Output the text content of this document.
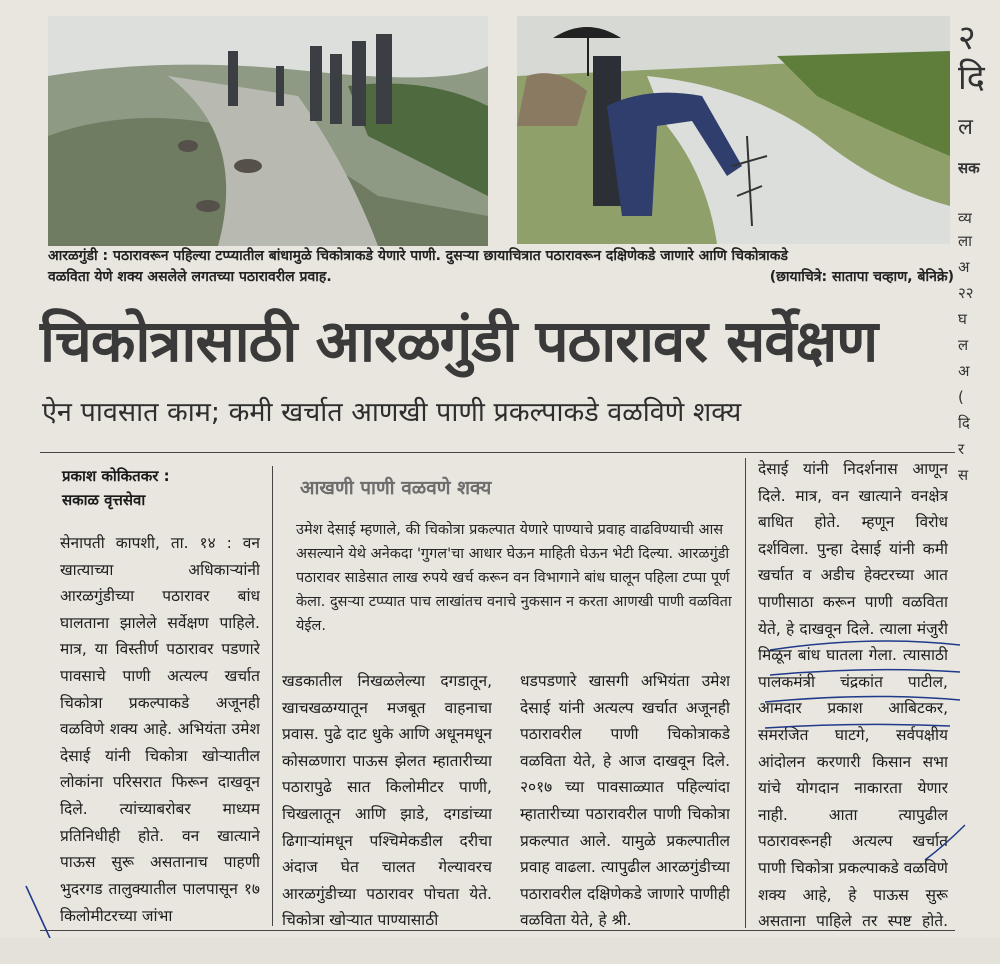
आरळगुंडी : पठारावरून पहिल्या टप्प्यातील बांधामुळे चिकोत्राकडे येणारे पाणी. दुसऱ्या छायाचित्रात पठारावरून दक्षिणेकडे जाणारे आणि चिकोत्राकडे
वळविता येणे शक्य असलेले लगतच्या पठारावरील प्रवाह.	(छायाचित्रे: सातापा चव्हाण, बेनिक्रे)
चिकोत्रासाठी आरळगुंडी पठारावर सर्वेक्षण
ऐन पावसात काम; कमी खर्चात आणखी पाणी प्रकल्पाकडे वळविणे शक्य
प्रकाश कोकितकर :
सकाळ वृत्तसेवा
सेनापती कापशी, ता. १४ : वन खात्याच्या अधिकाऱ्यांनी आरळगुंडीच्या पठारावर बांध घालताना झालेले सर्वेक्षण पाहिले. मात्र, या विस्तीर्ण पठारावर पडणारे पावसाचे पाणी अत्यल्प खर्चात चिकोत्रा प्रकल्पाकडे अजूनही वळविणे शक्य आहे. अभियंता उमेश देसाई यांनी चिकोत्रा खोऱ्यातील लोकांना परिसरात फिरून दाखवून दिले. त्यांच्याबरोबर माध्यम प्रतिनिधीही होते. वन खात्याने पाऊस सुरू असतानाच पाहणी
भुदरगड तालुक्यातील पालपासून १७ किलोमीटरच्या जांभा
आखणी पाणी वळवणे शक्य
उमेश देसाई म्हणाले, की चिकोत्रा प्रकल्पात येणारे पाण्याचे प्रवाह वाढविण्याची आस असल्याने येथे अनेकदा 'गुगल'चा आधार घेऊन माहिती घेऊन भेटी दिल्या. आरळगुंडी पठारावर साडेसात लाख रुपये खर्च करून वन विभागाने बांध घालून पहिला टप्पा पूर्ण केला. दुसऱ्या टप्प्यात पाच लाखांतच वनाचे नुकसान न करता आणखी पाणी वळविता येईल.
खडकातील निखळलेल्या दगडातून, खाचखळग्यातून मजबूत वाहनाचा प्रवास. पुढे दाट धुके आणि अधूनमधून कोसळणारा पाऊस झेलत म्हातारीच्या पठारापुढे सात किलोमीटर पाणी, चिखलातून आणि झाडे, दगडांच्या ढिगाऱ्यांमधून पश्चिमेकडील दरीचा अंदाज घेत चालत गेल्यावरच आरळगुंडीच्या पठारावर पोचता येते. चिकोत्रा खोऱ्यात पाण्यासाठी
धडपडणारे खासगी अभियंता उमेश देसाई यांनी अत्यल्प खर्चात अजूनही पठारावरील पाणी चिकोत्राकडे वळविता येते, हे आज दाखवून दिले. २०१७ च्या पावसाळ्यात पहिल्यांदा म्हातारीच्या पठारावरील पाणी चिकोत्रा प्रकल्पात आले. यामुळे प्रकल्पातील प्रवाह वाढला. त्यापुढील आरळगुंडीच्या पठारावरील दक्षिणेकडे जाणारे पाणीही वळविता येते, हे श्री.
देसाई यांनी निदर्शनास आणून दिले. मात्र, वन खात्याने वनक्षेत्र बाधित होते. म्हणून विरोध दर्शविला. पुन्हा देसाई यांनी कमी खर्चात व अडीच हेक्टरच्या आत पाणीसाठा करून पाणी वळविता येते, हे दाखवून दिले. त्याला मंजुरी मिळून बांध घातला गेला. त्यासाठी पालकमंत्री चंद्रकांत पाटील, आमदार प्रकाश आबिटकर, समरजित घाटगे, सर्वपक्षीय आंदोलन करणारी किसान सभा यांचे योगदान नाकारता येणार नाही. आता त्यापुढील पठारावरूनही अत्यल्प खर्चात पाणी चिकोत्रा प्रकल्पाकडे वळविणे शक्य आहे, हे पाऊस सुरू असताना पाहिले तर स्पष्ट होते.
२
दि
ल
सक
व्य
ला
अ
२२
घ
ल
अ
(
दि
र
स
